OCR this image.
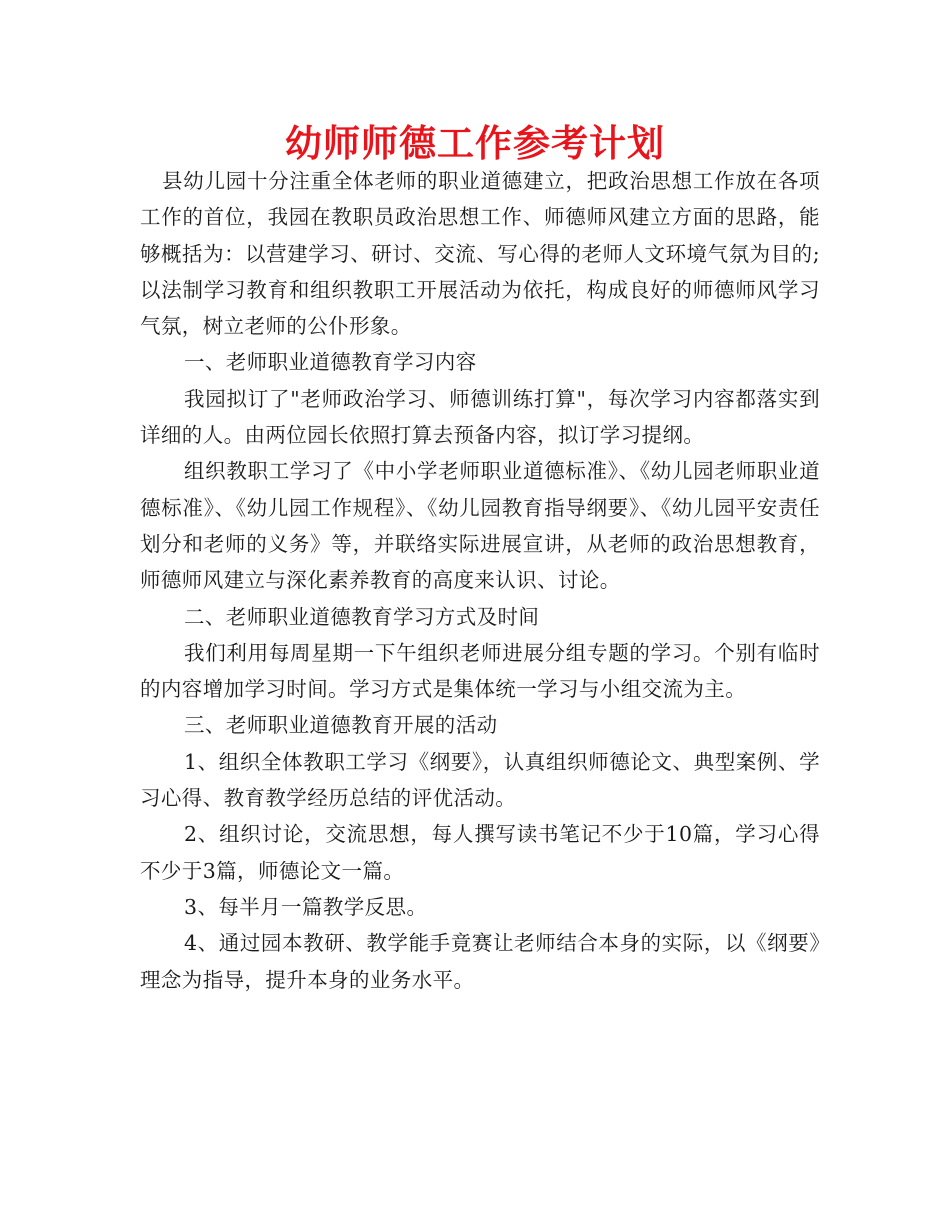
幼师师德工作参考计划

县幼儿园十分注重全体老师的职业道德建立，把政治思想工作放在各项工作的首位，我园在教职员政治思想工作、师德师风建立方面的思路，能够概括为：以营建学习、研讨、交流、写心得的老师人文环境气氛为目的;以法制学习教育和组织教职工开展活动为依托，构成良好的师德师风学习气氛，树立老师的公仆形象。

一、老师职业道德教育学习内容

我园拟订了"老师政治学习、师德训练打算"，每次学习内容都落实到详细的人。由两位园长依照打算去预备内容，拟订学习提纲。

组织教职工学习了《中小学老师职业道德标准》、《幼儿园老师职业道德标准》、《幼儿园工作规程》、《幼儿园教育指导纲要》、《幼儿园平安责任划分和老师的义务》等，并联络实际进展宣讲，从老师的政治思想教育，师德师风建立与深化素养教育的高度来认识、讨论。

二、老师职业道德教育学习方式及时间

我们利用每周星期一下午组织老师进展分组专题的学习。个别有临时的内容增加学习时间。学习方式是集体统一学习与小组交流为主。

三、老师职业道德教育开展的活动

1、组织全体教职工学习《纲要》，认真组织师德论文、典型案例、学习心得、教育教学经历总结的评优活动。

2、组织讨论，交流思想，每人撰写读书笔记不少于10篇，学习心得不少于3篇，师德论文一篇。

3、每半月一篇教学反思。

4、通过园本教研、教学能手竟赛让老师结合本身的实际，以《纲要》理念为指导，提升本身的业务水平。
